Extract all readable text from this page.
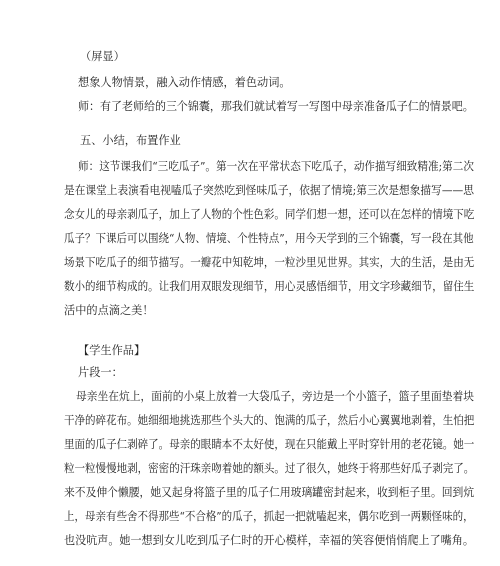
（屏显）
想象人物情景，融入动作情感，着色动词。
师：有了老师给的三个锦囊，那我们就试着写一写图中母亲准备瓜子仁的情景吧。
五、小结，布置作业
师：这节课我们“三吃瓜子”。第一次在平常状态下吃瓜子，动作描写细致精准;第二次
是在课堂上表演看电视嗑瓜子突然吃到怪味瓜子，依据了情境;第三次是想象描写——思
念女儿的母亲剥瓜子，加上了人物的个性色彩。同学们想一想，还可以在怎样的情境下吃
瓜子？下课后可以围绕“人物、情境、个性特点”，用今天学到的三个锦囊，写一段在其他
场景下吃瓜子的细节描写。一瓣花中知乾坤，一粒沙里见世界。其实，大的生活，是由无
数小的细节构成的。让我们用双眼发现细节，用心灵感悟细节，用文字珍藏细节，留住生
活中的点滴之美！
【学生作品】
片段一：
母亲坐在炕上，面前的小桌上放着一大袋瓜子，旁边是一个小篮子，篮子里面垫着块
干净的碎花布。她细细地挑选那些个头大的、饱满的瓜子，然后小心翼翼地剥着，生怕把
里面的瓜子仁剥碎了。母亲的眼睛本不太好使，现在只能戴上平时穿针用的老花镜。她一
粒一粒慢慢地剥，密密的汗珠亲吻着她的额头。过了很久，她终于将那些好瓜子剥完了。
来不及伸个懒腰，她又起身将篮子里的瓜子仁用玻璃罐密封起来，收到柜子里。回到炕
上，母亲有些舍不得那些“不合格”的瓜子，抓起一把就嗑起来，偶尔吃到一两颗怪味的，
也没吭声。她一想到女儿吃到瓜子仁时的开心模样，幸福的笑容便悄悄爬上了嘴角。
